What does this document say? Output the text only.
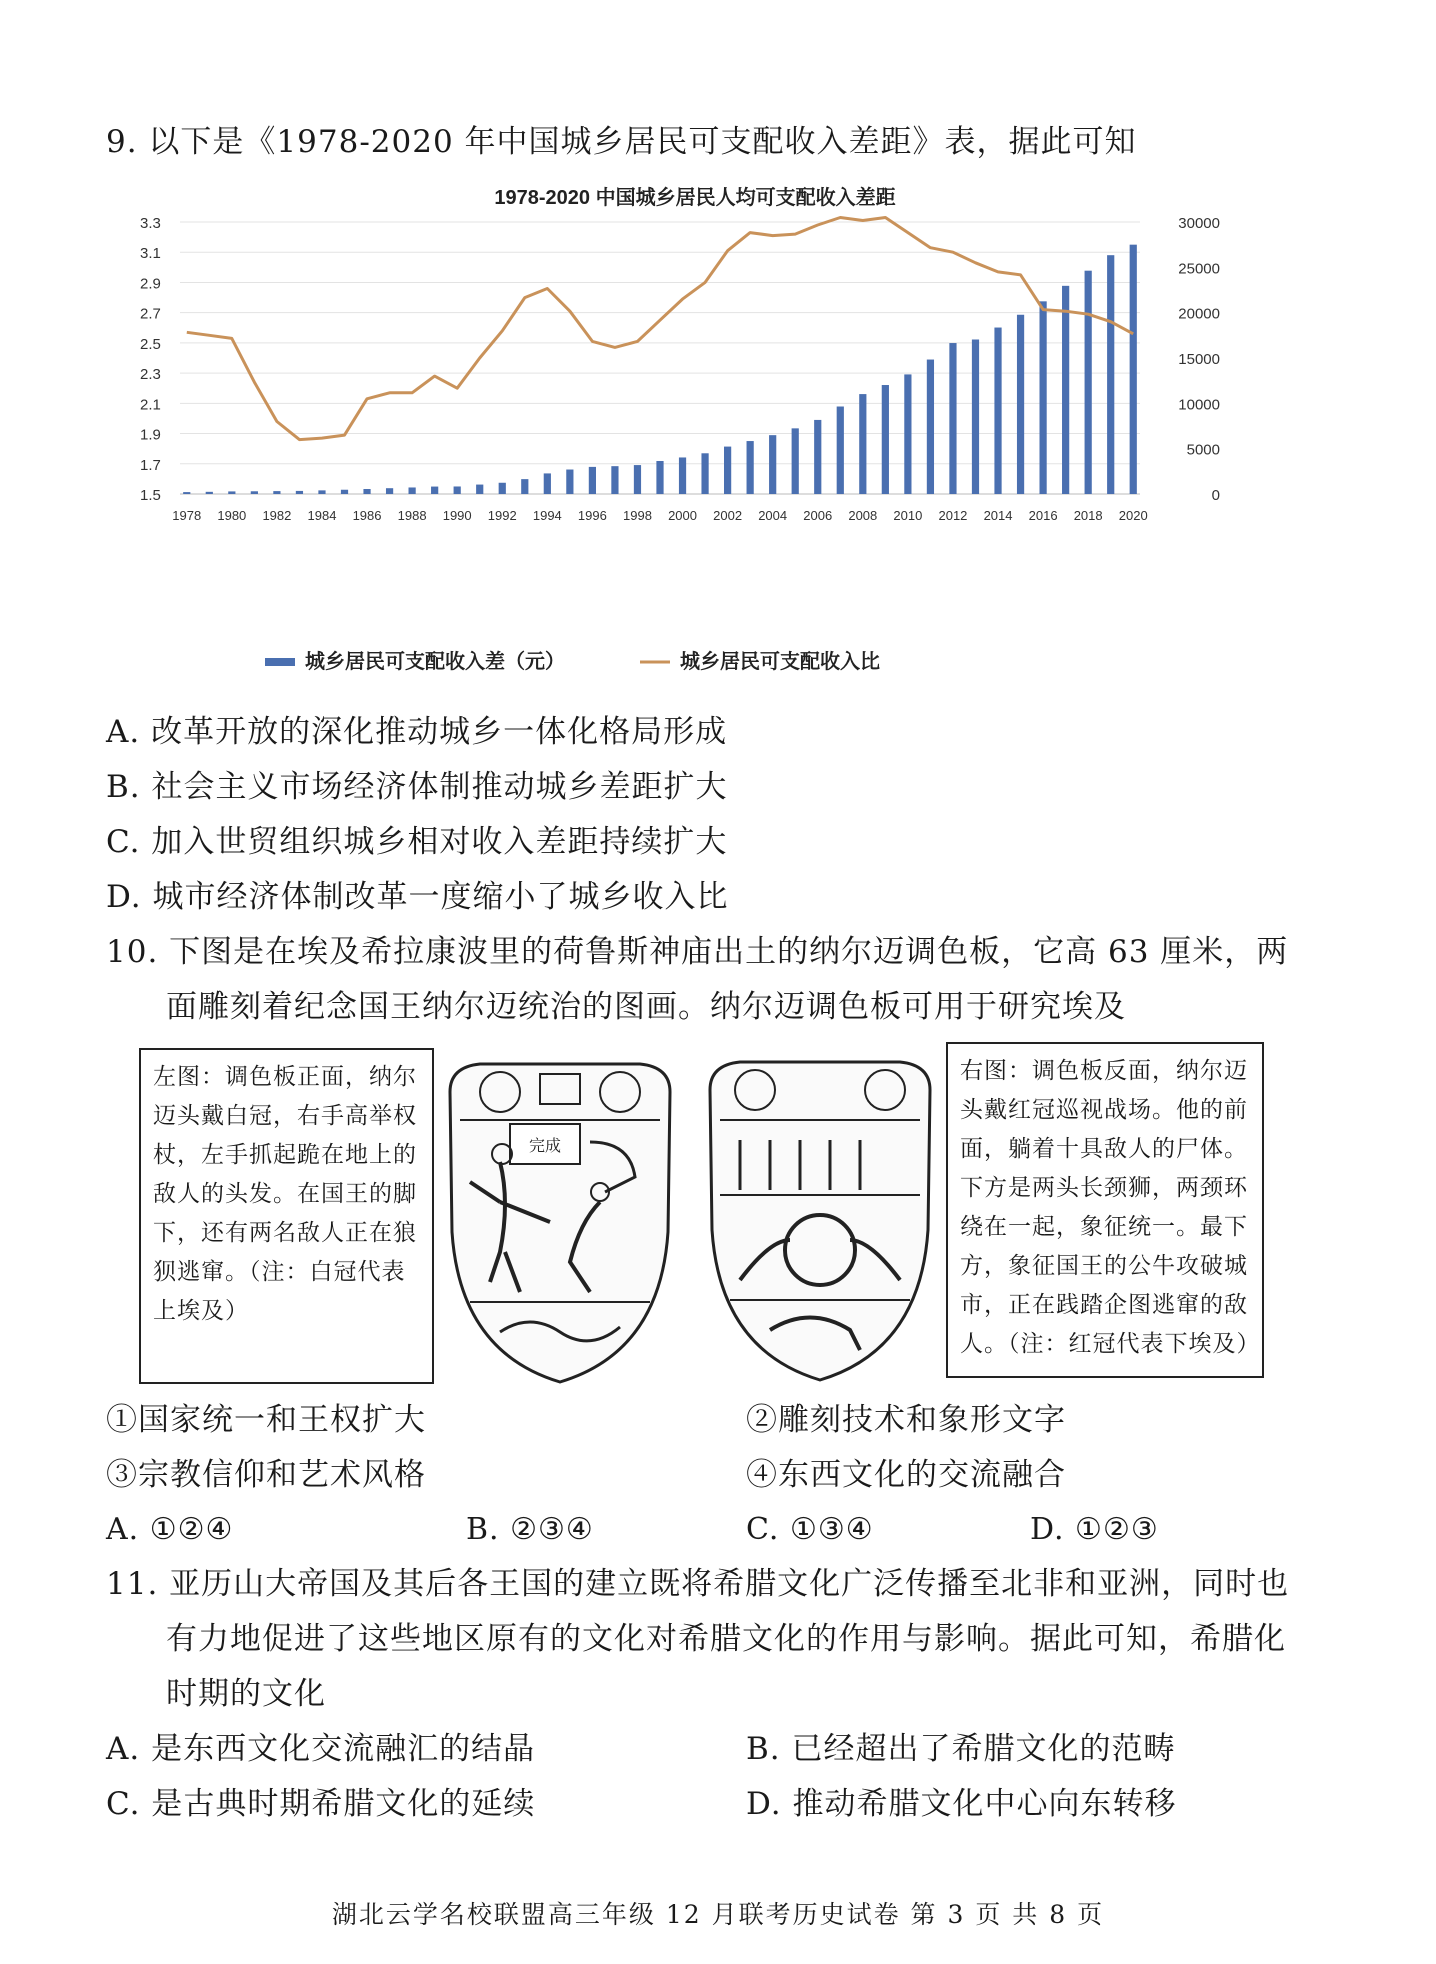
9. 以下是《1978-2020 年中国城乡居民可支配收入差距》表，据此可知
1978-2020 中国城乡居民人均可支配收入差距
1.5
1.7
1.9
2.1
2.3
2.5
2.7
2.9
3.1
3.3
0
5000
10000
15000
20000
25000
30000
1978 1980 1982 1984 1986 1988 1990 1992 1994 1996 1998 2000 2002 2004 2006 2008 2010 2012 2014 2016 2018 2020
城乡居民可支配收入差（元）	城乡居民可支配收入比
A. 改革开放的深化推动城乡一体化格局形成
B. 社会主义市场经济体制推动城乡差距扩大
C. 加入世贸组织城乡相对收入差距持续扩大
D. 城市经济体制改革一度缩小了城乡收入比
10. 下图是在埃及希拉康波里的荷鲁斯神庙出土的纳尔迈调色板，它高 63 厘米，两
面雕刻着纪念国王纳尔迈统治的图画。纳尔迈调色板可用于研究埃及
左图：调色板正面，纳尔迈头戴白冠，右手高举权杖，左手抓起跪在地上的敌人的头发。在国王的脚下，还有两名敌人正在狼狈逃窜。（注：白冠代表上埃及）
右图：调色板反面，纳尔迈头戴红冠巡视战场。他的前面，躺着十具敌人的尸体。下方是两头长颈狮，两颈环绕在一起，象征统一。最下方，象征国王的公牛攻破城市，正在践踏企图逃窜的敌人。（注：红冠代表下埃及）
完成
①国家统一和王权扩大	②雕刻技术和象形文字
③宗教信仰和艺术风格	④东西文化的交流融合
A. ①②④	B. ②③④	C. ①③④	D. ①②③
11. 亚历山大帝国及其后各王国的建立既将希腊文化广泛传播至北非和亚洲，同时也
有力地促进了这些地区原有的文化对希腊文化的作用与影响。据此可知，希腊化
时期的文化
A. 是东西文化交流融汇的结晶	B. 已经超出了希腊文化的范畴
C. 是古典时期希腊文化的延续	D. 推动希腊文化中心向东转移
湖北云学名校联盟高三年级 12 月联考历史试卷 第 3 页 共 8 页
